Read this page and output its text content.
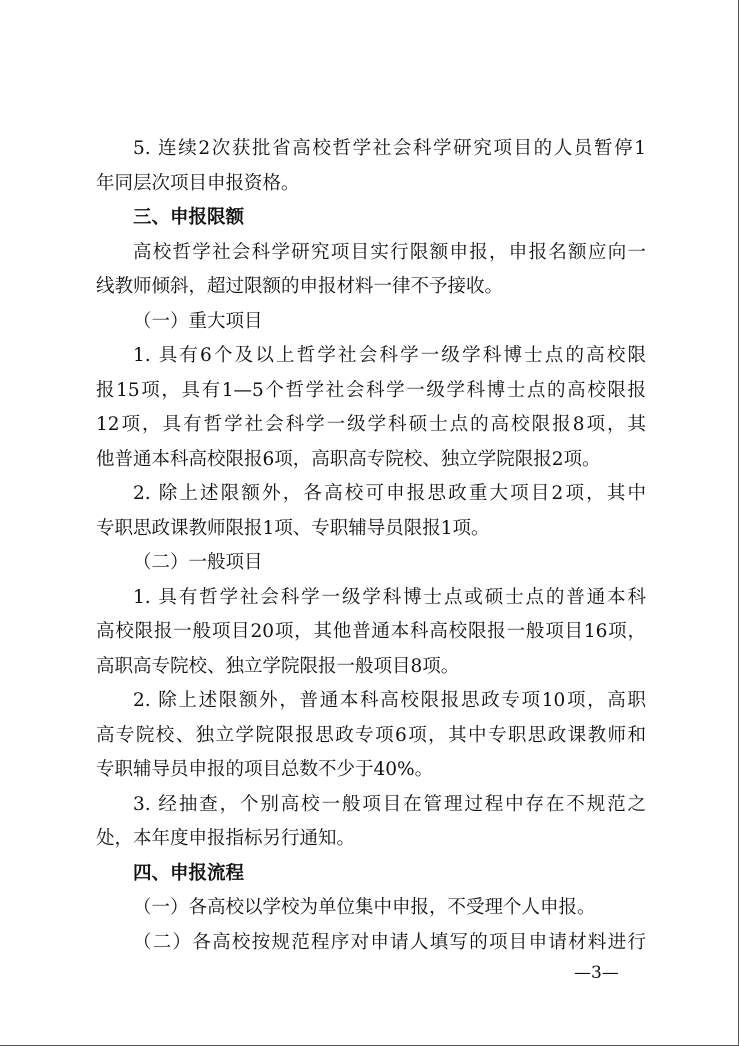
5. 连续2次获批省高校哲学社会科学研究项目的人员暂停1
年同层次项目申报资格。
三、申报限额
高校哲学社会科学研究项目实行限额申报，申报名额应向一
线教师倾斜，超过限额的申报材料一律不予接收。
（一）重大项目
1. 具有6个及以上哲学社会科学一级学科博士点的高校限
报15项，具有1—5个哲学社会科学一级学科博士点的高校限报
12项，具有哲学社会科学一级学科硕士点的高校限报8项，其
他普通本科高校限报6项，高职高专院校、独立学院限报2项。
2. 除上述限额外，各高校可申报思政重大项目2项，其中
专职思政课教师限报1项、专职辅导员限报1项。
（二）一般项目
1. 具有哲学社会科学一级学科博士点或硕士点的普通本科
高校限报一般项目20项，其他普通本科高校限报一般项目16项，
高职高专院校、独立学院限报一般项目8项。
2. 除上述限额外，普通本科高校限报思政专项10项，高职
高专院校、独立学院限报思政专项6项，其中专职思政课教师和
专职辅导员申报的项目总数不少于40%。
3. 经抽查，个别高校一般项目在管理过程中存在不规范之
处，本年度申报指标另行通知。
四、申报流程
（一）各高校以学校为单位集中申报，不受理个人申报。
（二）各高校按规范程序对申请人填写的项目申请材料进行
—3—
